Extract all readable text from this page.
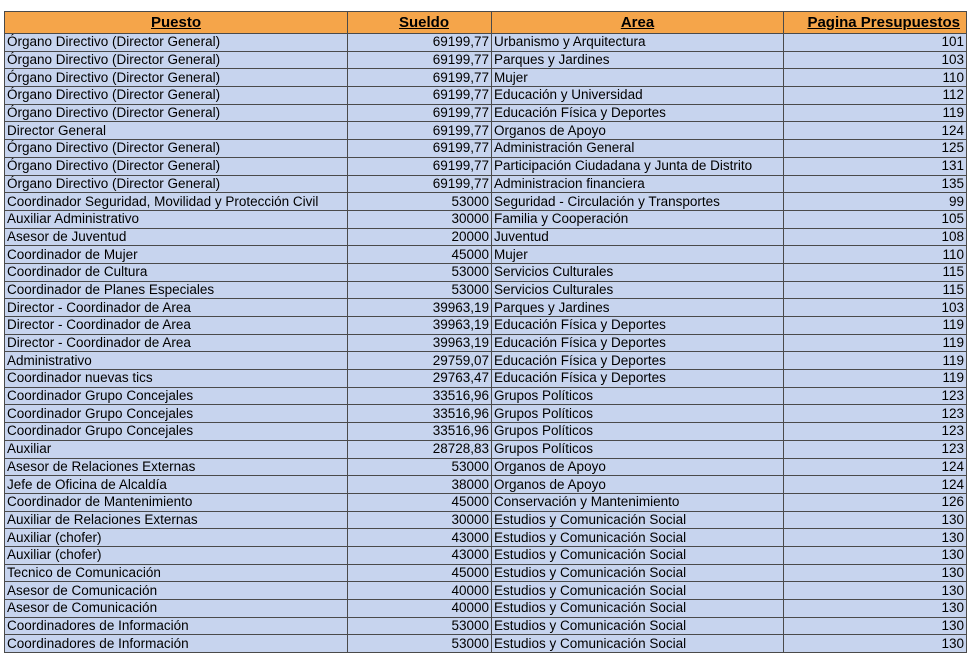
Puesto	Sueldo	Area	Pagina Presupuestos
Órgano Directivo (Director General)	69199,77	Urbanismo y Arquitectura	101
Órgano Directivo (Director General)	69199,77	Parques y Jardines	103
Órgano Directivo (Director General)	69199,77	Mujer	110
Órgano Directivo (Director General)	69199,77	Educación y Universidad	112
Órgano Directivo (Director General)	69199,77	Educación Física y Deportes	119
Director General	69199,77	Organos de Apoyo	124
Órgano Directivo (Director General)	69199,77	Administración General	125
Órgano Directivo (Director General)	69199,77	Participación Ciudadana y Junta de Distrito	131
Órgano Directivo (Director General)	69199,77	Administracion financiera	135
Coordinador Seguridad, Movilidad y Protección Civil	53000	Seguridad - Circulación y Transportes	99
Auxiliar Administrativo	30000	Familia y Cooperación	105
Asesor de Juventud	20000	Juventud	108
Coordinador de Mujer	45000	Mujer	110
Coordinador de Cultura	53000	Servicios Culturales	115
Coordinador de Planes Especiales	53000	Servicios Culturales	115
Director - Coordinador de Area	39963,19	Parques y Jardines	103
Director - Coordinador de Area	39963,19	Educación Física y Deportes	119
Director - Coordinador de Area	39963,19	Educación Física y Deportes	119
Administrativo	29759,07	Educación Física y Deportes	119
Coordinador nuevas tics	29763,47	Educación Física y Deportes	119
Coordinador Grupo Concejales	33516,96	Grupos Políticos	123
Coordinador Grupo Concejales	33516,96	Grupos Políticos	123
Coordinador Grupo Concejales	33516,96	Grupos Políticos	123
Auxiliar	28728,83	Grupos Políticos	123
Asesor de Relaciones Externas	53000	Organos de Apoyo	124
Jefe de Oficina de Alcaldía	38000	Organos de Apoyo	124
Coordinador de Mantenimiento	45000	Conservación y Mantenimiento	126
Auxiliar de Relaciones Externas	30000	Estudios y Comunicación Social	130
Auxiliar (chofer)	43000	Estudios y Comunicación Social	130
Auxiliar (chofer)	43000	Estudios y Comunicación Social	130
Tecnico de Comunicación	45000	Estudios y Comunicación Social	130
Asesor de Comunicación	40000	Estudios y Comunicación Social	130
Asesor de Comunicación	40000	Estudios y Comunicación Social	130
Coordinadores de Información	53000	Estudios y Comunicación Social	130
Coordinadores de Información	53000	Estudios y Comunicación Social	130
